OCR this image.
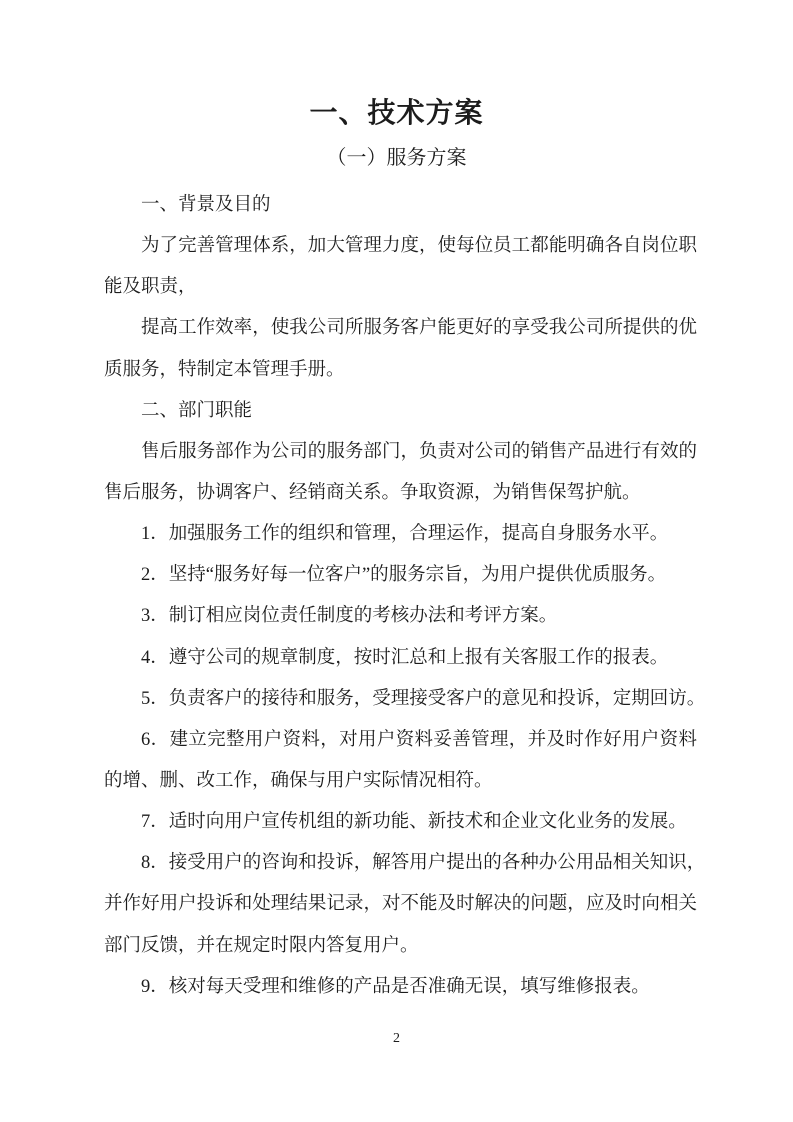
一、技术方案
（一）服务方案
一、背景及目的
为了完善管理体系，加大管理力度，使每位员工都能明确各自岗位职
能及职责，
提高工作效率，使我公司所服务客户能更好的享受我公司所提供的优
质服务，特制定本管理手册。
二、部门职能
售后服务部作为公司的服务部门，负责对公司的销售产品进行有效的
售后服务，协调客户、经销商关系。争取资源，为销售保驾护航。
1．加强服务工作的组织和管理，合理运作，提高自身服务水平。
2．坚持“服务好每一位客户”的服务宗旨，为用户提供优质服务。
3．制订相应岗位责任制度的考核办法和考评方案。
4．遵守公司的规章制度，按时汇总和上报有关客服工作的报表。
5．负责客户的接待和服务，受理接受客户的意见和投诉，定期回访。
6．建立完整用户资料，对用户资料妥善管理，并及时作好用户资料
的增、删、改工作，确保与用户实际情况相符。
7．适时向用户宣传机组的新功能、新技术和企业文化业务的发展。
8．接受用户的咨询和投诉，解答用户提出的各种办公用品相关知识，
并作好用户投诉和处理结果记录，对不能及时解决的问题，应及时向相关
部门反馈，并在规定时限内答复用户。
9．核对每天受理和维修的产品是否准确无误，填写维修报表。
2
